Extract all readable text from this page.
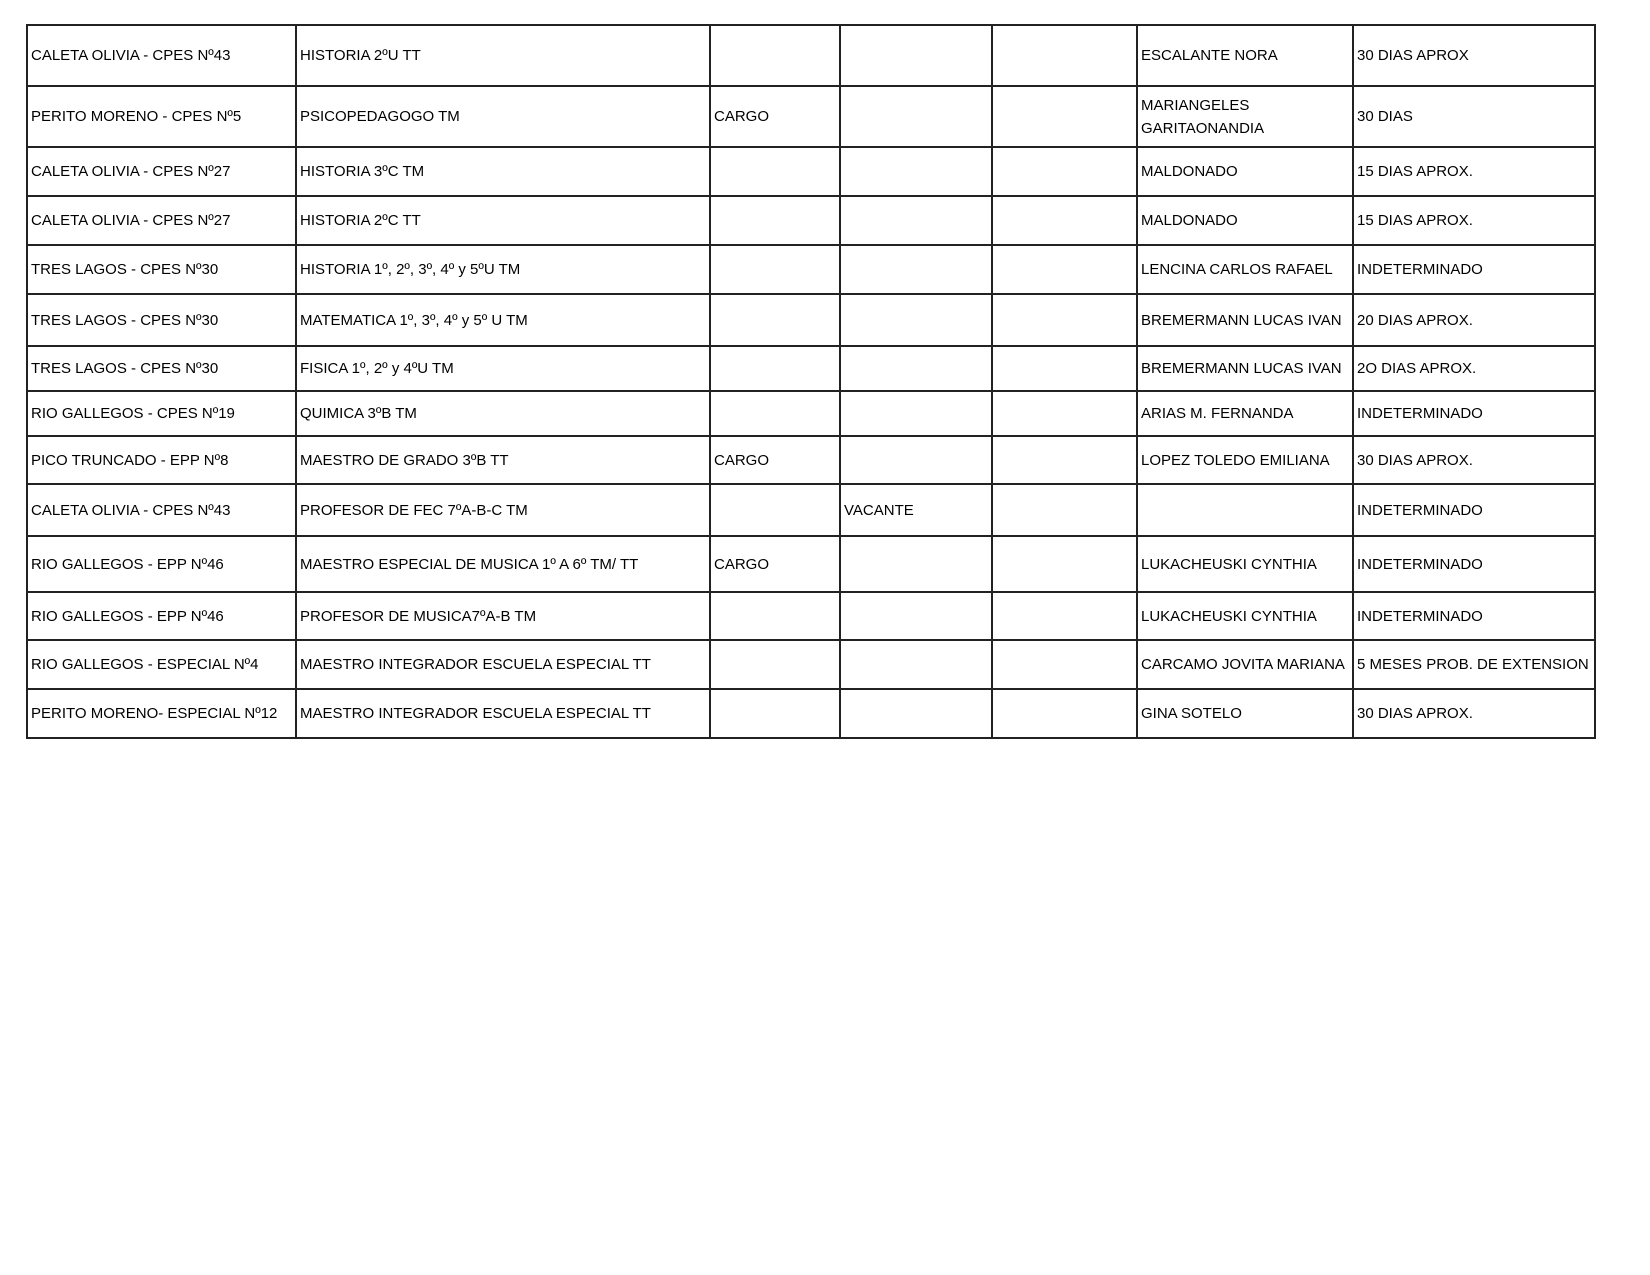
CALETA OLIVIA - CPES Nº43	HISTORIA 2ºU TT				ESCALANTE NORA	30 DIAS APROX
PERITO MORENO - CPES Nº5	PSICOPEDAGOGO TM	CARGO			MARIANGELES GARITAONANDIA	30 DIAS
CALETA OLIVIA - CPES Nº27	HISTORIA 3ºC TM				MALDONADO	15 DIAS APROX.
CALETA OLIVIA - CPES Nº27	HISTORIA 2ºC TT				MALDONADO	15 DIAS APROX.
TRES LAGOS - CPES Nº30	HISTORIA 1º, 2º, 3º, 4º y 5ºU TM				LENCINA CARLOS RAFAEL	INDETERMINADO
TRES LAGOS - CPES Nº30	MATEMATICA 1º, 3º, 4º y 5º U TM				BREMERMANN LUCAS IVAN	20 DIAS APROX.
TRES LAGOS - CPES Nº30	FISICA 1º, 2º y 4ºU TM				BREMERMANN LUCAS IVAN	2O DIAS APROX.
RIO GALLEGOS - CPES Nº19	QUIMICA 3ºB TM				ARIAS M. FERNANDA	INDETERMINADO
PICO TRUNCADO - EPP Nº8	MAESTRO DE GRADO 3ºB TT	CARGO			LOPEZ TOLEDO EMILIANA	30 DIAS APROX.
CALETA OLIVIA - CPES Nº43	PROFESOR DE FEC 7ºA-B-C TM		VACANTE			INDETERMINADO
RIO GALLEGOS - EPP Nº46	MAESTRO ESPECIAL DE MUSICA 1º A 6º TM/ TT	CARGO			LUKACHEUSKI CYNTHIA	INDETERMINADO
RIO GALLEGOS - EPP Nº46	PROFESOR DE MUSICA7ºA-B TM				LUKACHEUSKI CYNTHIA	INDETERMINADO
RIO GALLEGOS - ESPECIAL Nº4	MAESTRO INTEGRADOR ESCUELA ESPECIAL TT				CARCAMO JOVITA MARIANA	5 MESES PROB. DE EXTENSION
PERITO MORENO- ESPECIAL Nº12	MAESTRO INTEGRADOR ESCUELA ESPECIAL TT				GINA SOTELO	30 DIAS APROX.
